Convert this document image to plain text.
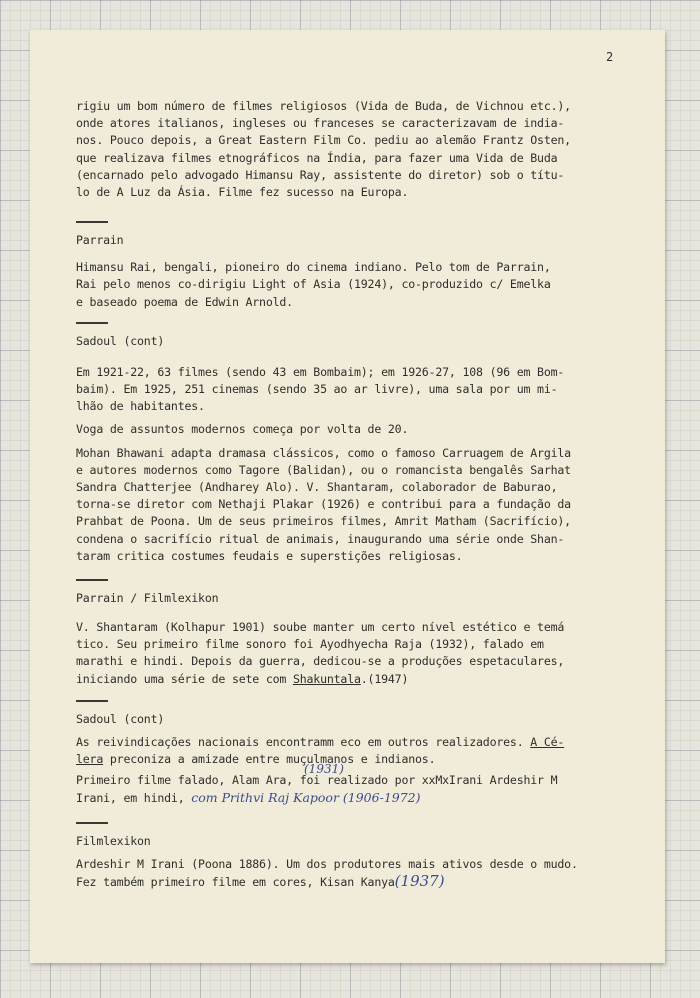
2

rigiu um bom número de filmes religiosos (Vida de Buda, de Vichnou etc.),

onde atores italianos, ingleses ou franceses se caracterizavam de india-

nos. Pouco depois, a Great Eastern Film Co. pediu ao alemão Frantz Osten,

que realizava filmes etnográficos na Índia, para fazer uma Vida de Buda

(encarnado pelo advogado Himansu Ray, assistente do diretor) sob o títu-

lo de A Luz da Ásia. Filme fez sucesso na Europa.

Parrain

Himansu Rai, bengali, pioneiro do cinema indiano. Pelo tom de Parrain,

Rai pelo menos co-dirigiu Light of Asia (1924), co-produzido c/ Emelka

e baseado poema de Edwin Arnold.

Sadoul (cont)

Em 1921-22, 63 filmes (sendo 43 em Bombaim); em 1926-27, 108 (96 em Bom-

baim). Em 1925, 251 cinemas (sendo 35 ao ar livre), uma sala por um mi-

lhão de habitantes.

Voga de assuntos modernos começa por volta de 20.

Mohan Bhawani adapta dramasa clássicos, como o famoso Carruagem de Argila

e autores modernos como Tagore (Balidan), ou o romancista bengalês Sarhat

Sandra Chatterjee (Andharey Alo). V. Shantaram, colaborador de Baburao,

torna-se diretor com Nethaji Plakar (1926) e contribui para a fundação da

Prahbat de Poona. Um de seus primeiros filmes, Amrit Matham (Sacrifício),

condena o sacrifício ritual de animais, inaugurando uma série onde Shan-

taram critica costumes feudais e superstições religiosas.

Parrain / Filmlexikon

V. Shantaram (Kolhapur 1901) soube manter um certo nível estético e temá

tico. Seu primeiro filme sonoro foi Ayodhyecha Raja (1932), falado em

marathi e hindi. Depois da guerra, dedicou-se a produções espetaculares,

iniciando uma série de sete com Shakuntala.(1947)

Sadoul (cont)

As reivindicações nacionais encontramm eco em outros realizadores. A Cé-

lera preconiza a amizade entre muçulmanos e indianos.

(1931)
Primeiro filme falado, Alam Ara, foi realizado por xxMxIrani Ardeshir M

Irani, em hindi, com Prithvi Raj Kapoor (1906-1972)

Filmlexikon

Ardeshir M Irani (Poona 1886). Um dos produtores mais ativos desde o mudo.

Fez também primeiro filme em cores, Kisan Kanya(1937)
